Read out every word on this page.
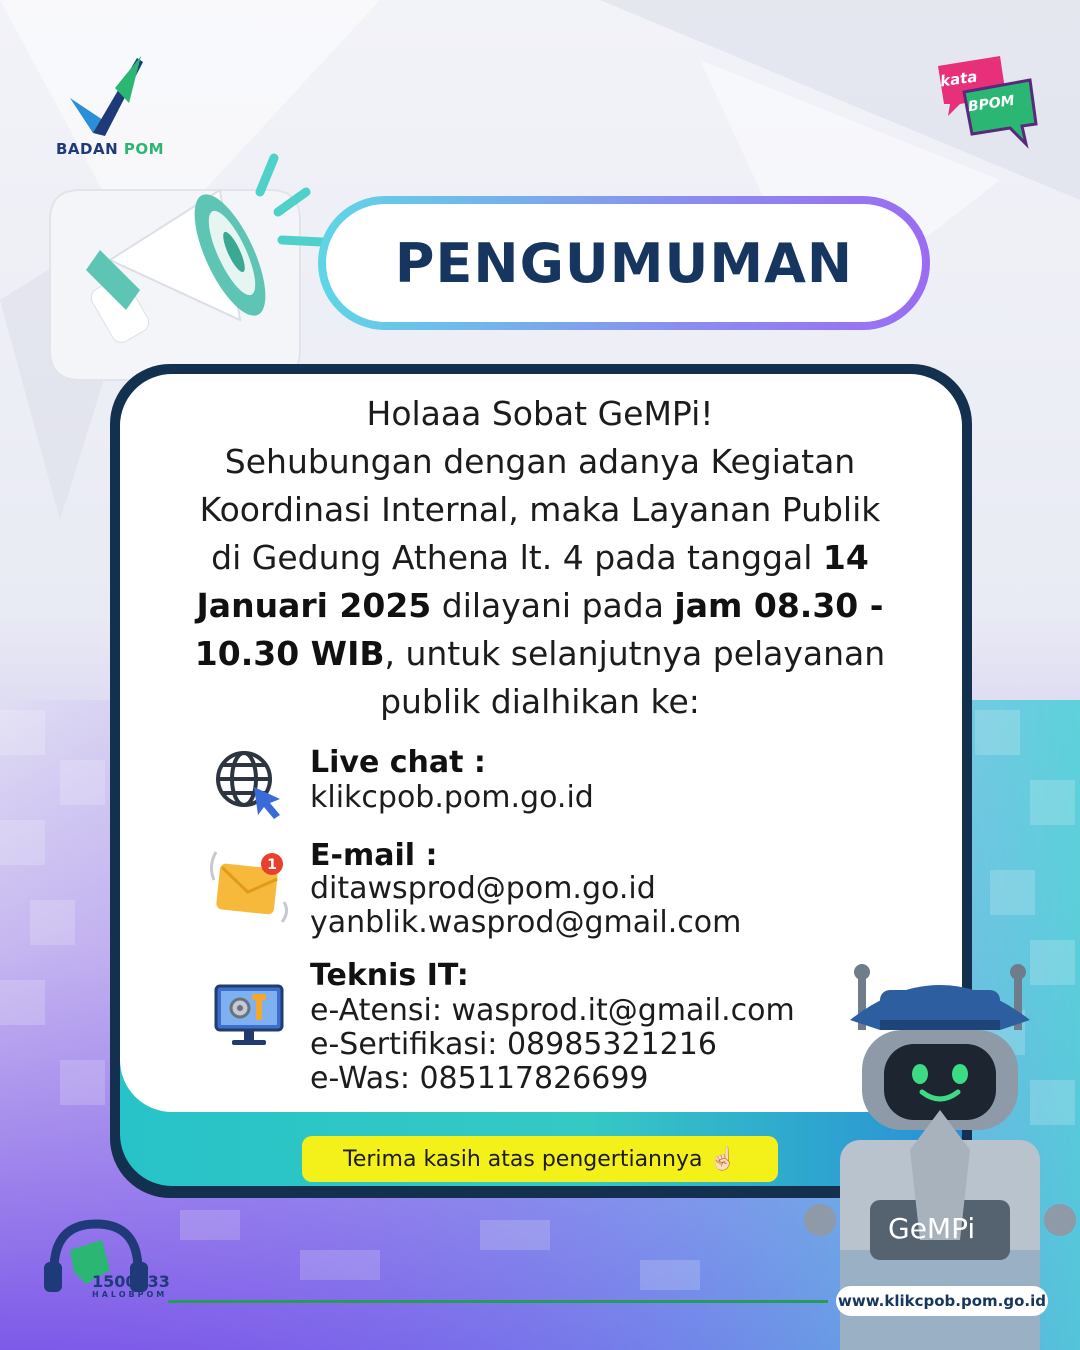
BADAN POM
kata
BPOM
PENGUMUMAN
Holaaa Sobat GeMPi!
Sehubungan dengan adanya Kegiatan
Koordinasi Internal, maka Layanan Publik
di Gedung Athena lt. 4 pada tanggal 14
Januari 2025 dilayani pada jam 08.30 -
10.30 WIB, untuk selanjutnya pelayanan
publik dialhikan ke:
Live chat :
klikcpob.pom.go.id
1 E-mail :
ditawsprod@pom.go.id
yanblik.wasprod@gmail.com
Teknis IT:
e-Atensi: wasprod.it@gmail.com
e-Sertifikasi: 08985321216
e-Was: 085117826699
Terima kasih atas pengertiannya ☝🏻
1500533
HALOBPOM
GeMPi
www.klikcpob.pom.go.id
